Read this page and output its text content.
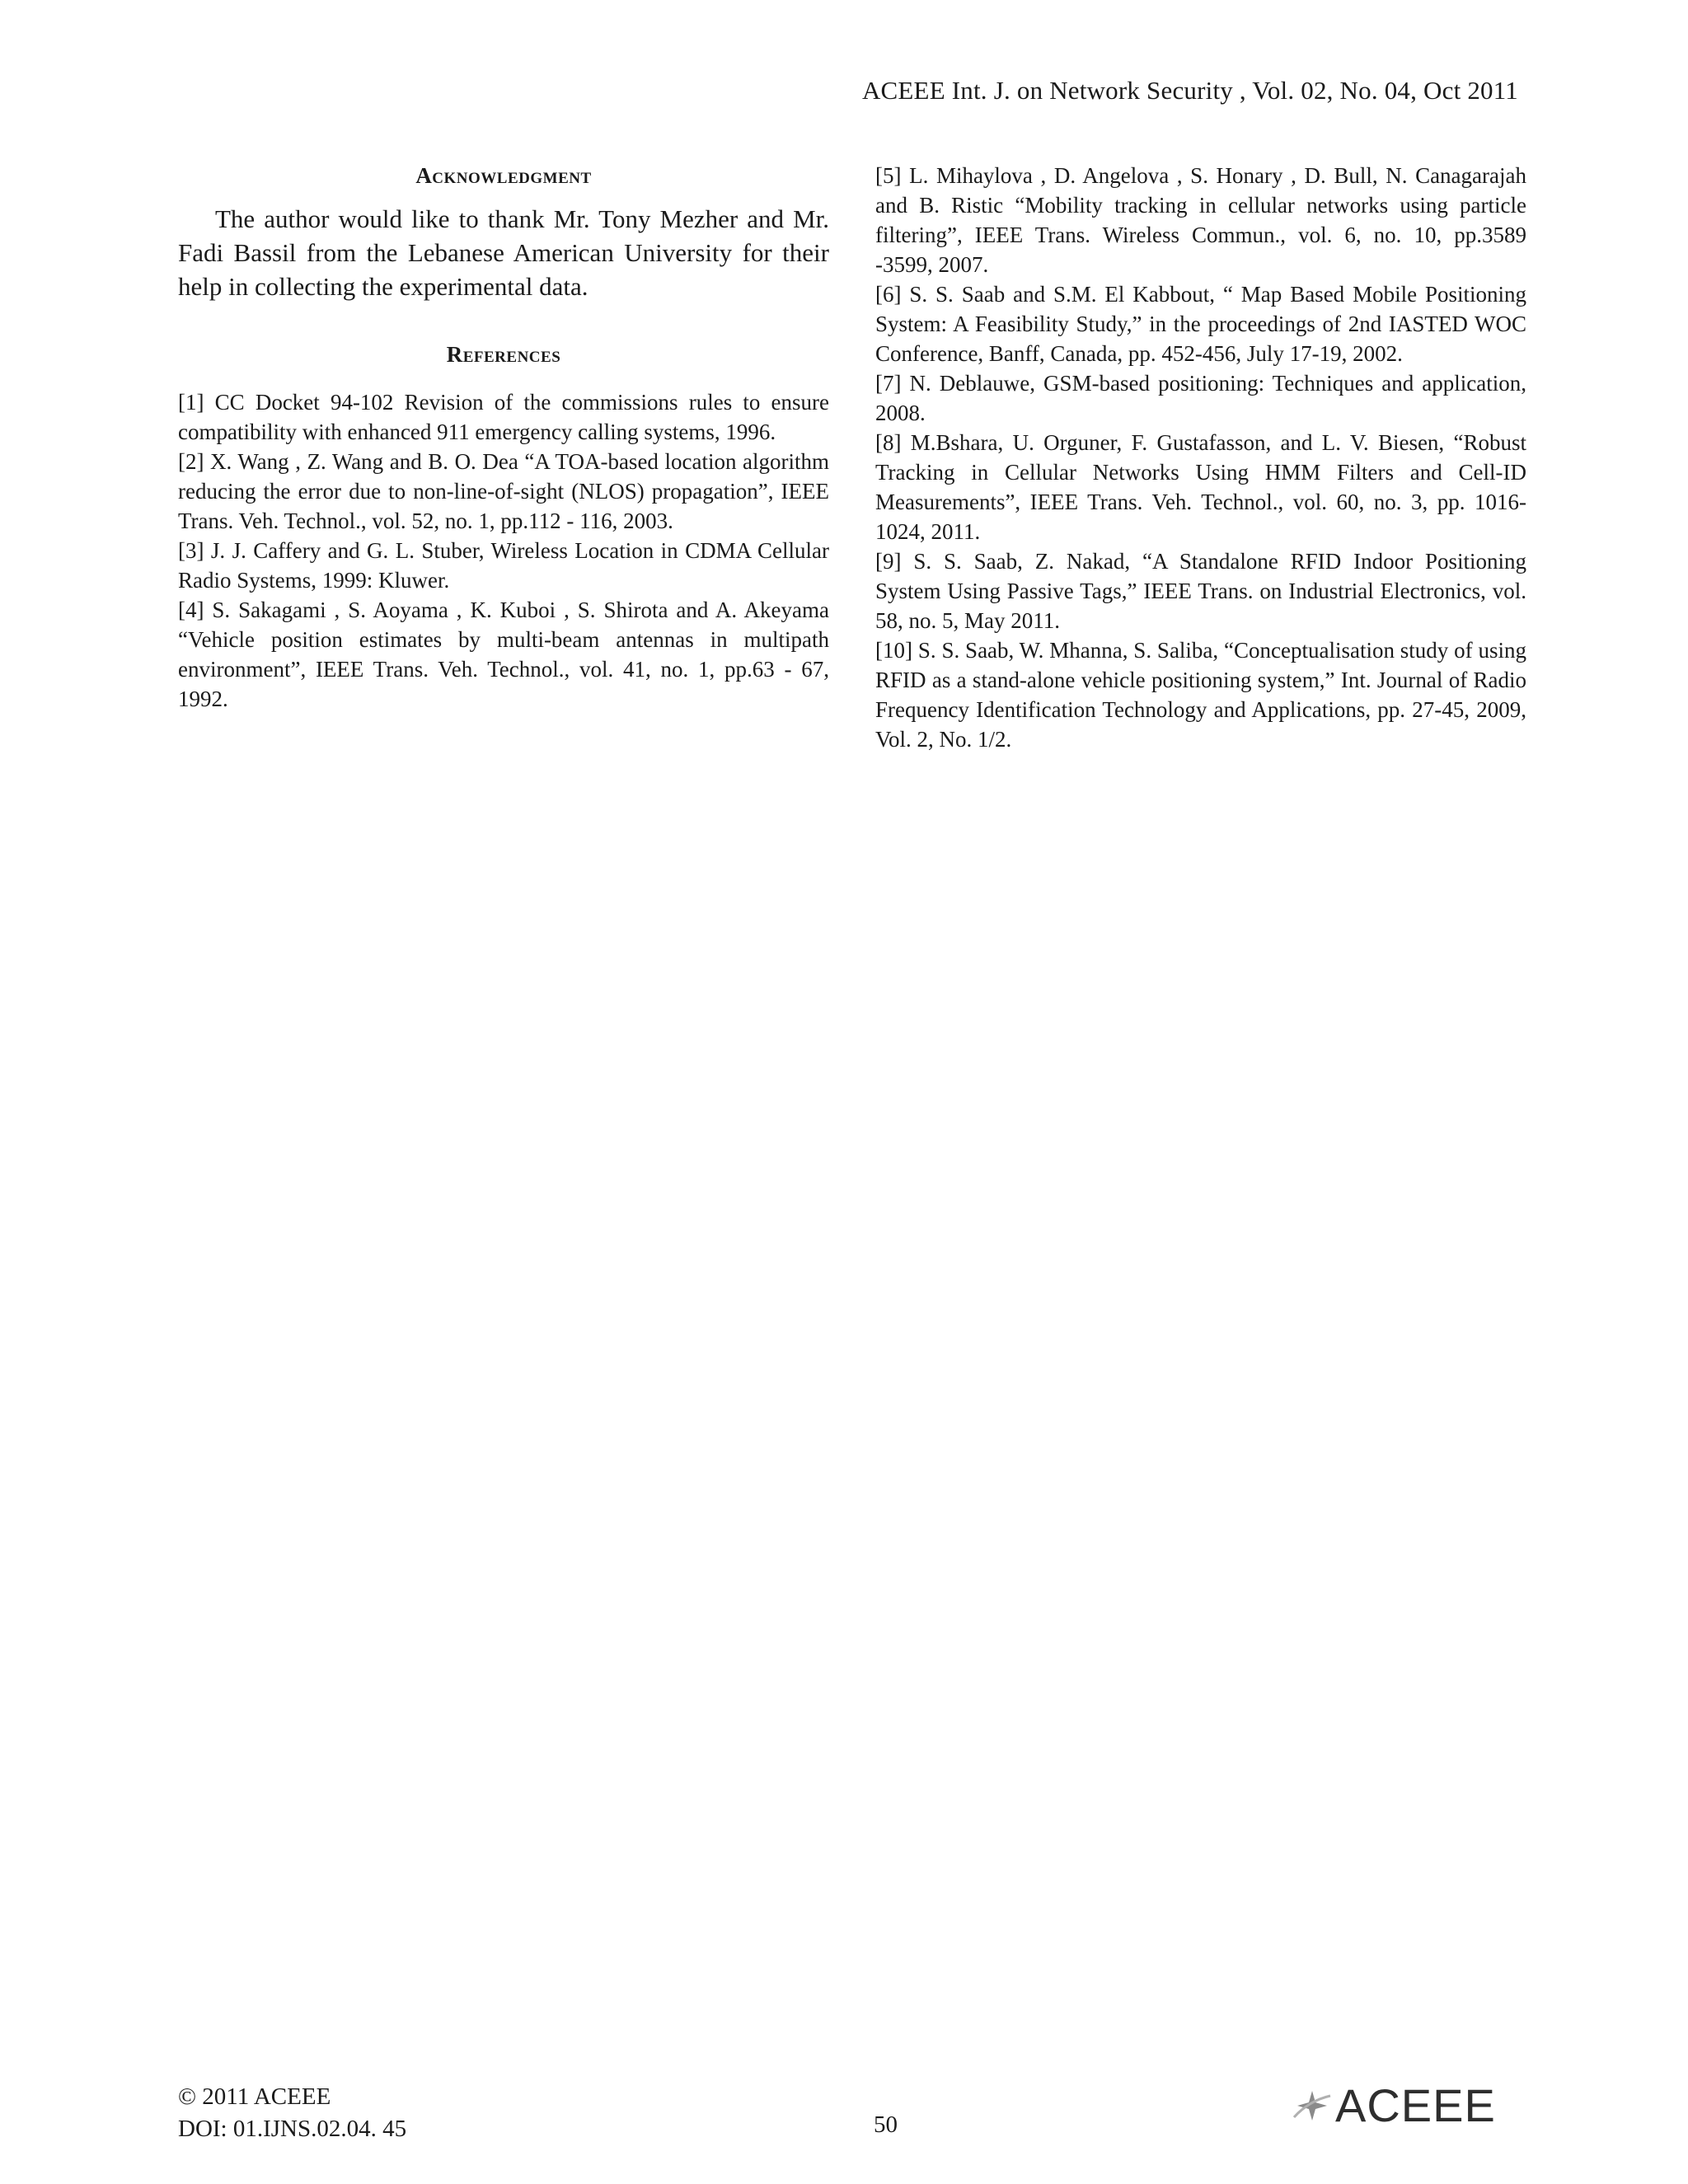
ACEEE Int. J. on Network Security , Vol. 02, No. 04, Oct 2011
Acknowledgment

The author would like to thank Mr. Tony Mezher and Mr. Fadi Bassil from the Lebanese American University for their help in collecting the experimental data.

References

[1] CC Docket 94-102 Revision of the commissions rules to ensure compatibility with enhanced 911 emergency calling systems, 1996.

[2] X. Wang , Z. Wang and B. O. Dea “A TOA-based location algorithm reducing the error due to non-line-of-sight (NLOS) propagation”, IEEE Trans. Veh. Technol., vol. 52, no. 1, pp.112 - 116, 2003.

[3] J. J. Caffery and G. L. Stuber, Wireless Location in CDMA Cellular Radio Systems, 1999: Kluwer.

[4] S. Sakagami , S. Aoyama , K. Kuboi , S. Shirota and A. Akeyama “Vehicle position estimates by multi-beam antennas in multipath environment”, IEEE Trans. Veh. Technol., vol. 41, no. 1, pp.63 - 67, 1992.

[5] L. Mihaylova , D. Angelova , S. Honary , D. Bull, N. Canagarajah and B. Ristic “Mobility tracking in cellular networks using particle filtering”, IEEE Trans. Wireless Commun., vol. 6, no. 10, pp.3589 -3599, 2007.

[6] S. S. Saab and S.M. El Kabbout, “ Map Based Mobile Positioning System: A Feasibility Study,” in the proceedings of 2nd IASTED WOC Conference, Banff, Canada, pp. 452-456, July 17-19, 2002.

[7] N. Deblauwe, GSM-based positioning: Techniques and application, 2008.

[8] M.Bshara, U. Orguner, F. Gustafasson, and L. V. Biesen, “Robust Tracking in Cellular Networks Using HMM Filters and Cell-ID Measurements”, IEEE Trans. Veh. Technol., vol. 60, no. 3, pp. 1016-1024, 2011.

[9] S. S. Saab, Z. Nakad, “A Standalone RFID Indoor Positioning System Using Passive Tags,” IEEE Trans. on Industrial Electronics, vol. 58, no. 5, May 2011.

[10] S. S. Saab, W. Mhanna, S. Saliba, “Conceptualisation study of using RFID as a stand-alone vehicle positioning system,” Int. Journal of Radio Frequency Identification Technology and Applications, pp. 27-45, 2009, Vol. 2, No. 1/2.

© 2011 ACEEE
DOI: 01.IJNS.02.04. 45	50	ACEEE
